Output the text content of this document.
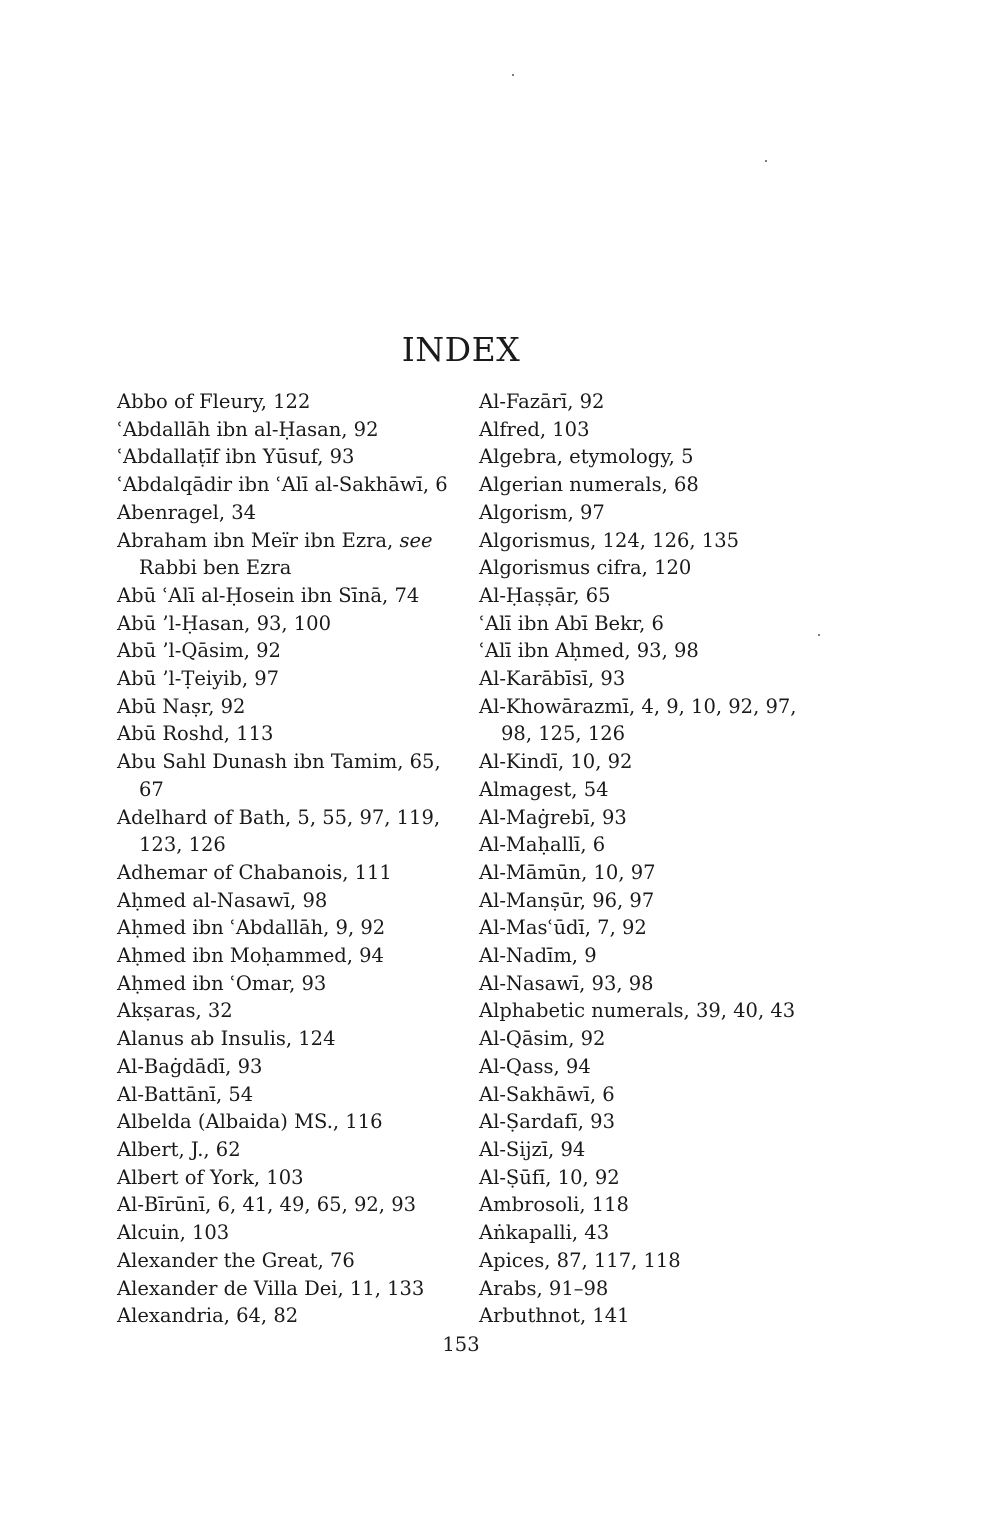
INDEX
Abbo of Fleury, 122
ʿAbdallāh ibn al-Ḥasan, 92
ʿAbdallaṭīf ibn Yūsuf, 93
ʿAbdalqādir ibn ʿAlī al-Sakhāwī, 6
Abenragel, 34
Abraham ibn Meïr ibn Ezra, see Rabbi ben Ezra
Abū ʿAlī al-Ḥosein ibn Sīnā, 74
Abū ’l-Ḥasan, 93, 100
Abū ’l-Qāsim, 92
Abū ’l-Ṭeiyib, 97
Abū Naṣr, 92
Abū Roshd, 113
Abu Sahl Dunash ibn Tamim, 65, 67
Adelhard of Bath, 5, 55, 97, 119, 123, 126
Adhemar of Chabanois, 111
Aḥmed al-Nasawī, 98
Aḥmed ibn ʿAbdallāh, 9, 92
Aḥmed ibn Moḥammed, 94
Aḥmed ibn ʿOmar, 93
Akṣaras, 32
Alanus ab Insulis, 124
Al-Baġdādī, 93
Al-Battānī, 54
Albelda (Albaida) MS., 116
Albert, J., 62
Albert of York, 103
Al-Bīrūnī, 6, 41, 49, 65, 92, 93
Alcuin, 103
Alexander the Great, 76
Alexander de Villa Dei, 11, 133
Alexandria, 64, 82
Al-Fazārī, 92
Alfred, 103
Algebra, etymology, 5
Algerian numerals, 68
Algorism, 97
Algorismus, 124, 126, 135
Algorismus cifra, 120
Al-Ḥaṣṣār, 65
ʿAlī ibn Abī Bekr, 6
ʿAlī ibn Aḥmed, 93, 98
Al-Karābīsī, 93
Al-Khowārazmī, 4, 9, 10, 92, 97, 98, 125, 126
Al-Kindī, 10, 92
Almagest, 54
Al-Maġrebī, 93
Al-Maḥallī, 6
Al-Māmūn, 10, 97
Al-Manṣūr, 96, 97
Al-Masʿūdī, 7, 92
Al-Nadīm, 9
Al-Nasawī, 93, 98
Alphabetic numerals, 39, 40, 43
Al-Qāsim, 92
Al-Qass, 94
Al-Sakhāwī, 6
Al-Ṣardafī, 93
Al-Sijzī, 94
Al-Ṣūfī, 10, 92
Ambrosoli, 118
Aṅkapalli, 43
Apices, 87, 117, 118
Arabs, 91–98
Arbuthnot, 141
153
